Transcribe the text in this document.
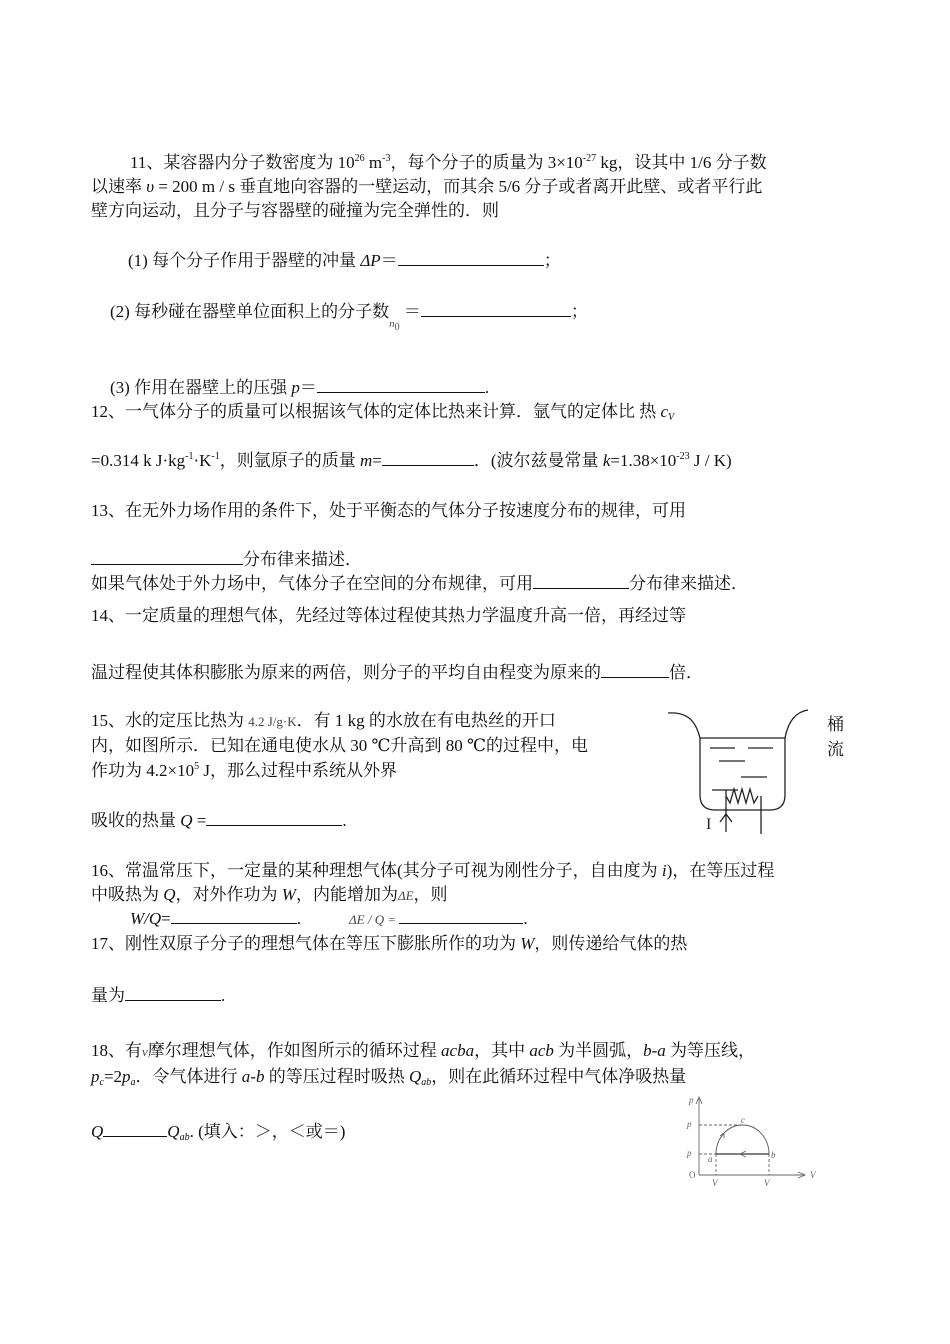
11、某容器内分子数密度为 $10^{26}$ $m^{-3}$，每个分子的质量为 $3\times 10^{-27}$ kg，设其中 1/6 分子数
以速率 υ = 200 m / s 垂直地向容器的一壁运动，而其余 5/6 分子或者离开此壁、或者平行此
壁方向运动，且分子与容器壁的碰撞为完全弹性的．则
(1) 每个分子作用于器壁的冲量 ΔP＝	；
(2) 每秒碰在器壁单位面积上的分子数$_{n_0}$ ＝	；
(3) 作用在器壁上的压强 p＝	.
12、一气体分子的质量可以根据该气体的定体比热来计算．氩气的定体比 热 $c_V$
=0.314 k $J\cdot kg^{-1}\cdot K^{-1}$，则氩原子的质量 m=	．(波尔兹曼常量 $k=1.38\times 10^{-23}$ J / K)
13、在无外力场作用的条件下，处于平衡态的气体分子按速度分布的规律，可用
分布律来描述．
如果气体处于外力场中，气体分子在空间的分布规律，可用	分布律来描述．
14、一定质量的理想气体，先经过等体过程使其热力学温度升高一倍，再经过等
温过程使其体积膨胀为原来的两倍，则分子的平均自由程变为原来的	倍．
15、水的定压比热为 4.2 J/g·K．有 1 kg 的水放在有电热丝的开口
内，如图所示．已知在通电使水从 30 ℃升高到 80 ℃的过程中，电
作功为 $4.2\times 10^5$ J，那么过程中系统从外界
吸收的热量 Q =	.
桶
流
I
16、常温常压下，一定量的某种理想气体(其分子可视为刚性分子，自由度为 i)，在等压过程
中吸热为 Q，对外作功为 W，内能增加为ΔE，则
W/Q=	.	ΔE / Q =	.
17、刚性双原子分子的理想气体在等压下膨胀所作的功为 W，则传递给气体的热
量为	.
18、有ν摩尔理想气体，作如图所示的循环过程 acba，其中 acb 为半圆弧，b-a 为等压线，
$p_c=2p_a$．令气体进行 a-b 的等压过程时吸热 $Q_{ab}$，则在此循环过程中气体净吸热量
Q	$Q_{ab}$. (填入：＞，＜或＝)
p
V
O
p
p
a	b
c
V	V
